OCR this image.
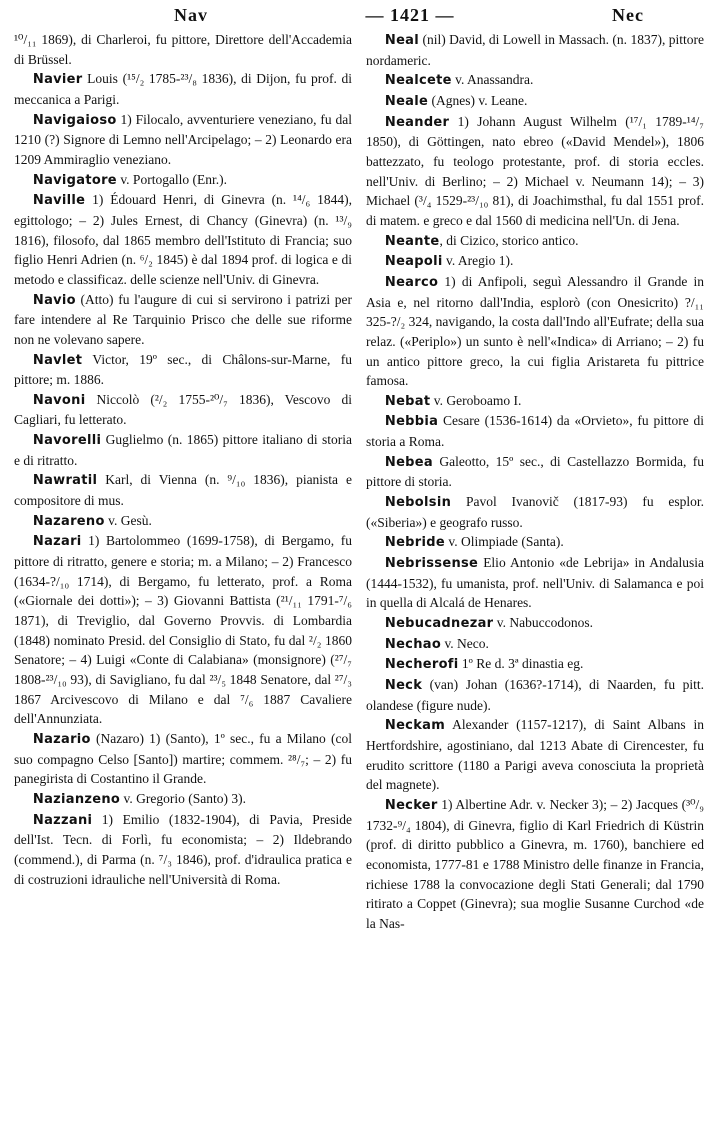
Nav	— 1421 —	Nec

¹⁰/₁₁ 1869), di Charleroi, fu pittore, Direttore dell'Accademia di Brüssel.

Navier Louis (¹⁵/₂ 1785-²³/₈ 1836), di Dijon, fu prof. di meccanica a Parigi.

Navigaioso 1) Filocalo, avventuriere veneziano, fu dal 1210 (?) Signore di Lemno nell'Arcipelago; – 2) Leonardo era 1209 Ammiraglio veneziano.

Navigatore v. Portogallo (Enr.).

Naville 1) Édouard Henri, di Ginevra (n. ¹⁴/₆ 1844), egittologo; – 2) Jules Ernest, di Chancy (Ginevra) (n. ¹³/₉ 1816), filosofo, dal 1865 membro dell'Istituto di Francia; suo figlio Henri Adrien (n. ⁶/₂ 1845) è dal 1894 prof. di logica e di metodo e classificaz. delle scienze nell'Univ. di Ginevra.

Navio (Atto) fu l'augure di cui si servirono i patrizi per fare intendere al Re Tarquinio Prisco che delle sue riforme non ne volevano sapere.

Navlet Victor, 19º sec., di Châlons-sur-Marne, fu pittore; m. 1886.

Navoni Niccolò (²/₂ 1755-²⁰/₇ 1836), Vescovo di Cagliari, fu letterato.

Navorelli Guglielmo (n. 1865) pittore italiano di storia e di ritratto.

Nawratil Karl, di Vienna (n. ⁹/₁₀ 1836), pianista e compositore di mus.

Nazareno v. Gesù.

Nazari 1) Bartolommeo (1699-1758), di Bergamo, fu pittore di ritratto, genere e storia; m. a Milano; – 2) Francesco (1634-?/₁₀ 1714), di Bergamo, fu letterato, prof. a Roma («Giornale dei dotti»); – 3) Giovanni Battista (²¹/₁₁ 1791-⁷/₆ 1871), di Treviglio, dal Governo Provvis. di Lombardia (1848) nominato Presid. del Consiglio di Stato, fu dal ²/₂ 1860 Senatore; – 4) Luigi «Conte di Calabiana» (monsignore) (²⁷/₇ 1808-²³/₁₀ 93), di Savigliano, fu dal ²³/₅ 1848 Senatore, dal ²⁷/₃ 1867 Arcivescovo di Milano e dal ⁷/₆ 1887 Cavaliere dell'Annunziata.

Nazario (Nazaro) 1) (Santo), 1º sec., fu a Milano (col suo compagno Celso [Santo]) martire; commem. ²⁸/₇; – 2) fu panegirista di Costantino il Grande.

Nazianzeno v. Gregorio (Santo) 3).

Nazzani 1) Emilio (1832-1904), di Pavia, Preside dell'Ist. Tecn. di Forlì, fu economista; – 2) Ildebrando (commend.), di Parma (n. ⁷/₃ 1846), prof. d'idraulica pratica e di costruzioni idrauliche nell'Università di Roma.

Neal (nil) David, di Lowell in Massach. (n. 1837), pittore nordameric.

Nealcete v. Anassandra.

Neale (Agnes) v. Leane.

Neander 1) Johann August Wilhelm (¹⁷/₁ 1789-¹⁴/₇ 1850), di Göttingen, nato ebreo («David Mendel»), 1806 battezzato, fu teologo protestante, prof. di storia eccles. nell'Univ. di Berlino; – 2) Michael v. Neumann 14); – 3) Michael (³/₄ 1529-²³/₁₀ 81), di Joachimsthal, fu dal 1551 prof. di matem. e greco e dal 1560 di medicina nell'Un. di Jena.

Neante, di Cizico, storico antico.

Neapoli v. Aregio 1).

Nearco 1) di Anfipoli, seguì Alessandro il Grande in Asia e, nel ritorno dall'India, esplorò (con Onesicrito) ?/₁₁ 325-?/₂ 324, navigando, la costa dall'Indo all'Eufrate; della sua relaz. («Periplo») un sunto è nell'«Indica» di Arriano; – 2) fu un antico pittore greco, la cui figlia Aristareta fu pittrice famosa.

Nebat v. Geroboamo I.

Nebbia Cesare (1536-1614) da «Orvieto», fu pittore di storia a Roma.

Nebea Galeotto, 15º sec., di Castellazzo Bormida, fu pittore di storia.

Nebolsin Pavol Ivanovič (1817-93) fu esplor. («Siberia») e geografo russo.

Nebride v. Olimpiade (Santa).

Nebrissense Elio Antonio «de Lebrija» in Andalusia (1444-1532), fu umanista, prof. nell'Univ. di Salamanca e poi in quella di Alcalá de Henares.

Nebucadnezar v. Nabuccodonos.

Nechao v. Neco.

Necherofi 1º Re d. 3ª dinastia eg.

Neck (van) Johan (1636?-1714), di Naarden, fu pitt. olandese (figure nude).

Neckam Alexander (1157-1217), di Saint Albans in Hertfordshire, agostiniano, dal 1213 Abate di Cirencester, fu erudito scrittore (1180 a Parigi aveva conosciuta la proprietà del magnete).

Necker 1) Albertine Adr. v. Necker 3); – 2) Jacques (³⁰/₉ 1732-⁹/₄ 1804), di Ginevra, figlio di Karl Friedrich di Küstrin (prof. di diritto pubblico a Ginevra, m. 1760), banchiere ed economista, 1777-81 e 1788 Ministro delle finanze in Francia, richiese 1788 la convocazione degli Stati Generali; dal 1790 ritirato a Coppet (Ginevra); sua moglie Susanne Curchod «de la Nas-
